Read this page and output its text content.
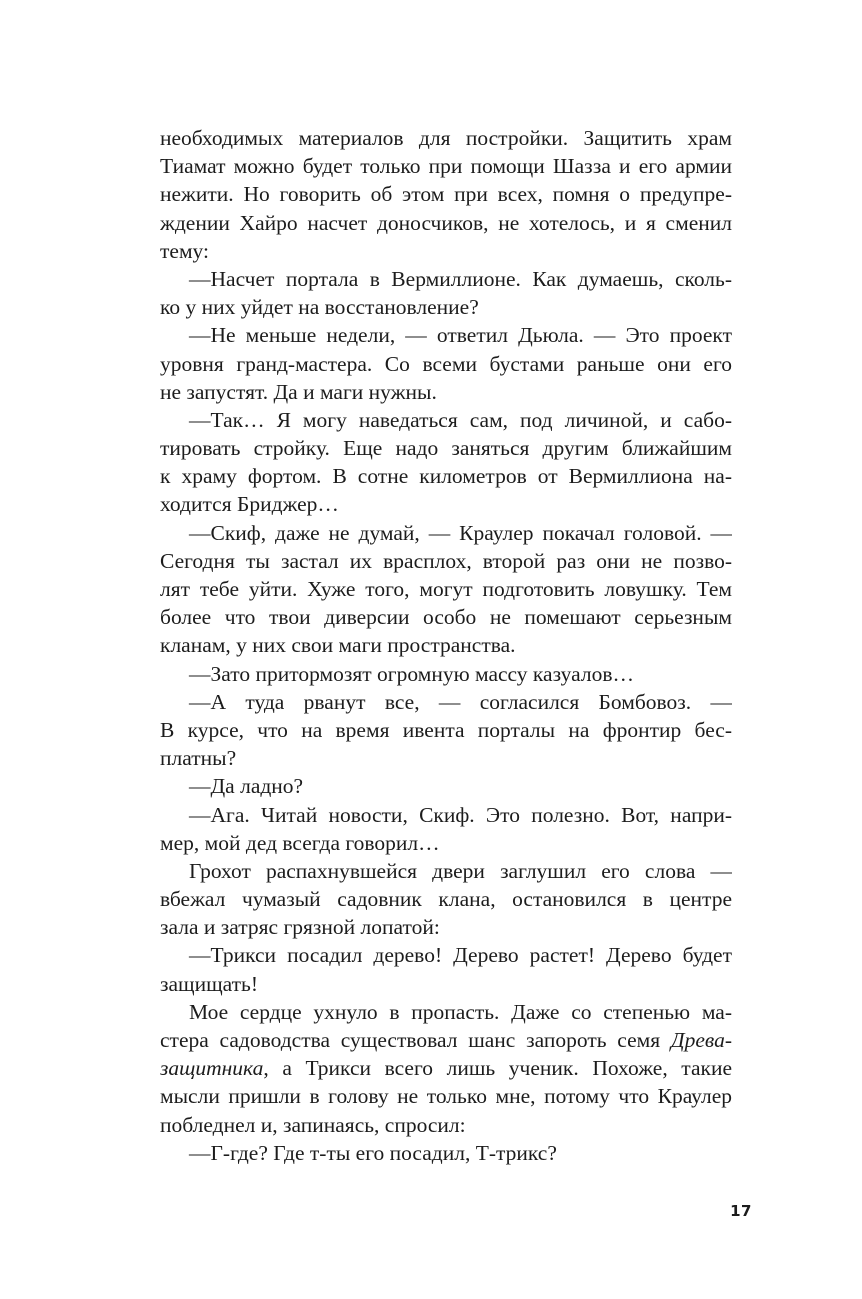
необходимых материалов для постройки. Защитить храм
Тиамат можно будет только при помощи Шазза и его армии
нежити. Но говорить об этом при всех, помня о предупре-
ждении Хайро насчет доносчиков, не хотелось, и я сменил
тему:
—Насчет портала в Вермиллионе. Как думаешь, сколь-
ко у них уйдет на восстановление?
—Не меньше недели, — ответил Дьюла. — Это проект
уровня гранд-мастера. Со всеми бустами раньше они его
не запустят. Да и маги нужны.
—Так… Я могу наведаться сам, под личиной, и сабо-
тировать стройку. Еще надо заняться другим ближайшим
к храму фортом. В сотне километров от Вермиллиона на-
ходится Бриджер…
—Скиф, даже не думай, — Краулер покачал головой. —
Сегодня ты застал их врасплох, второй раз они не позво-
лят тебе уйти. Хуже того, могут подготовить ловушку. Тем
более что твои диверсии особо не помешают серьезным
кланам, у них свои маги пространства.
—Зато притормозят огромную массу казуалов…
—А туда рванут все, — согласился Бомбовоз. —
В курсе, что на время ивента порталы на фронтир бес-
платны?
—Да ладно?
—Ага. Читай новости, Скиф. Это полезно. Вот, напри-
мер, мой дед всегда говорил…
Грохот распахнувшейся двери заглушил его слова —
вбежал чумазый садовник клана, остановился в центре
зала и затряс грязной лопатой:
—Трикси посадил дерево! Дерево растет! Дерево будет
защищать!
Мое сердце ухнуло в пропасть. Даже со степенью ма-
стера садоводства существовал шанс запороть семя Древа-
защитника, а Трикси всего лишь ученик. Похоже, такие
мысли пришли в голову не только мне, потому что Краулер
побледнел и, запинаясь, спросил:
—Г-где? Где т-ты его посадил, Т-трикс?
17
